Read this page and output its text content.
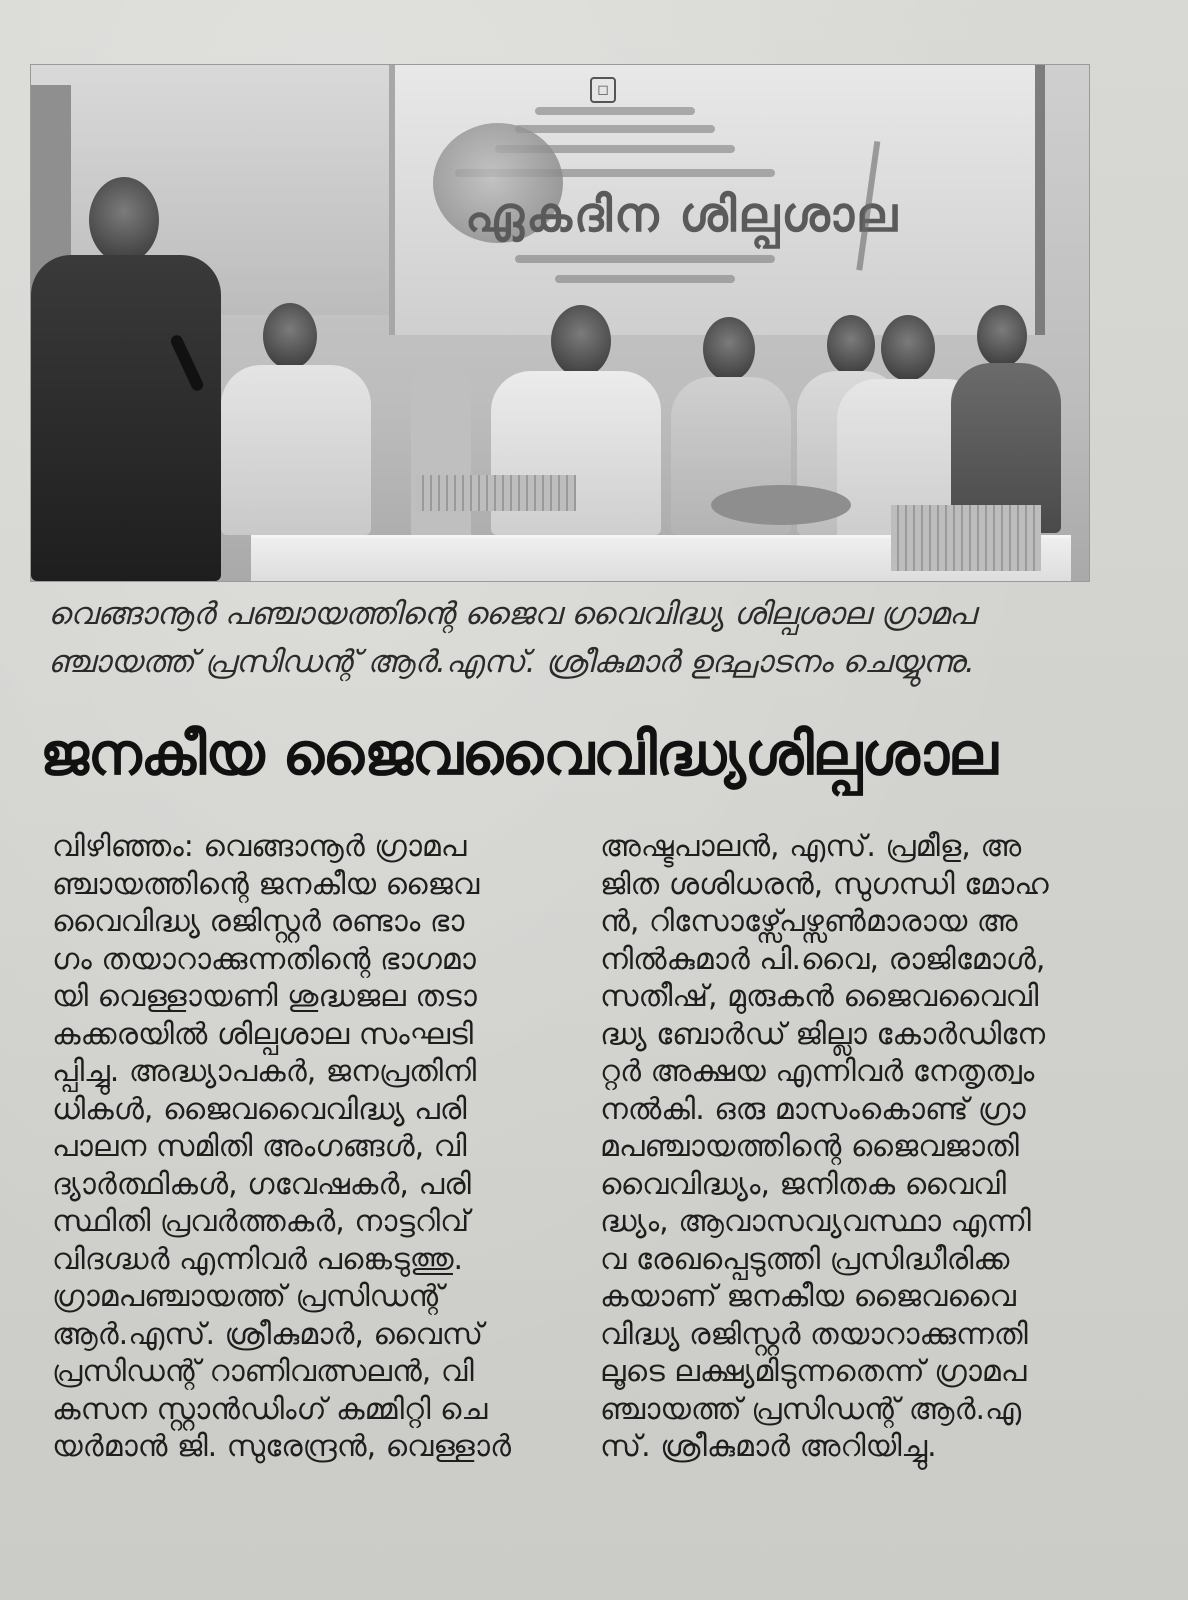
◻
ഏകദിന ശില്പശാല
വെങ്ങാനൂർ പഞ്ചായത്തിന്റെ ജൈവ വൈവിദ്ധ്യ ശില്പശാല ഗ്രാമപ
ഞ്ചായത്ത് പ്രസിഡന്റ് ആർ.എസ്. ശ്രീകുമാർ ഉദ്ഘാടനം ചെയ്യുന്നു.
ജനകീയ ജൈവവൈവിദ്ധ്യശില്പശാല
വിഴിഞ്ഞം: വെങ്ങാനൂർ ഗ്രാമപ
ഞ്ചായത്തിന്റെ ജനകീയ ജൈവ
വൈവിദ്ധ്യ രജിസ്റ്റർ രണ്ടാം ഭാ
ഗം തയാറാക്കുന്നതിന്റെ ഭാഗമാ
യി വെള്ളായണി ശുദ്ധജല തടാ
കക്കരയിൽ ശില്പശാല സംഘടി
പ്പിച്ചു. അദ്ധ്യാപകർ, ജനപ്രതിനി
ധികൾ, ജൈവവൈവിദ്ധ്യ പരി
പാലന സമിതി അംഗങ്ങൾ, വി
ദ്യാർത്ഥികൾ, ഗവേഷകർ, പരി
സ്ഥിതി പ്രവർത്തകർ, നാട്ടറിവ്
വിദഗ്ദ്ധർ എന്നിവർ പങ്കെടുത്തു.
ഗ്രാമപഞ്ചായത്ത് പ്രസിഡന്റ്
ആർ.എസ്. ശ്രീകുമാർ, വൈസ്
പ്രസിഡന്റ് റാണിവത്സലൻ, വി
കസന സ്റ്റാൻഡിംഗ് കമ്മിറ്റി ചെ
യർമാൻ ജി. സുരേന്ദ്രൻ, വെള്ളാർ
അഷ്ടപാലൻ, എസ്. പ്രമീള, അ
ജിത ശശിധരൻ, സുഗന്ധി മോഹ
ൻ, റിസോഴ്സ്പേഴ്സൺമാരായ അ
നിൽകുമാർ പി.വൈ, രാജിമോൾ,
സതീഷ്, മുരുകൻ ജൈവവൈവി
ദ്ധ്യ ബോർഡ് ജില്ലാ കോർഡിനേ
റ്റർ അക്ഷയ എന്നിവർ നേതൃത്വം
നൽകി. ഒരു മാസംകൊണ്ട് ഗ്രാ
മപഞ്ചായത്തിന്റെ ജൈവജാതി
വൈവിദ്ധ്യം, ജനിതക വൈവി
ദ്ധ്യം, ആവാസവ്യവസ്ഥാ എന്നി
വ രേഖപ്പെടുത്തി പ്രസിദ്ധീരിക്ക
കയാണ് ജനകീയ ജൈവവൈ
വിദ്ധ്യ രജിസ്റ്റർ തയാറാക്കുന്നതി
ലൂടെ ലക്ഷ്യമിടുന്നതെന്ന് ഗ്രാമപ
ഞ്ചായത്ത് പ്രസിഡന്റ് ആർ.എ
സ്. ശ്രീകുമാർ അറിയിച്ചു.
